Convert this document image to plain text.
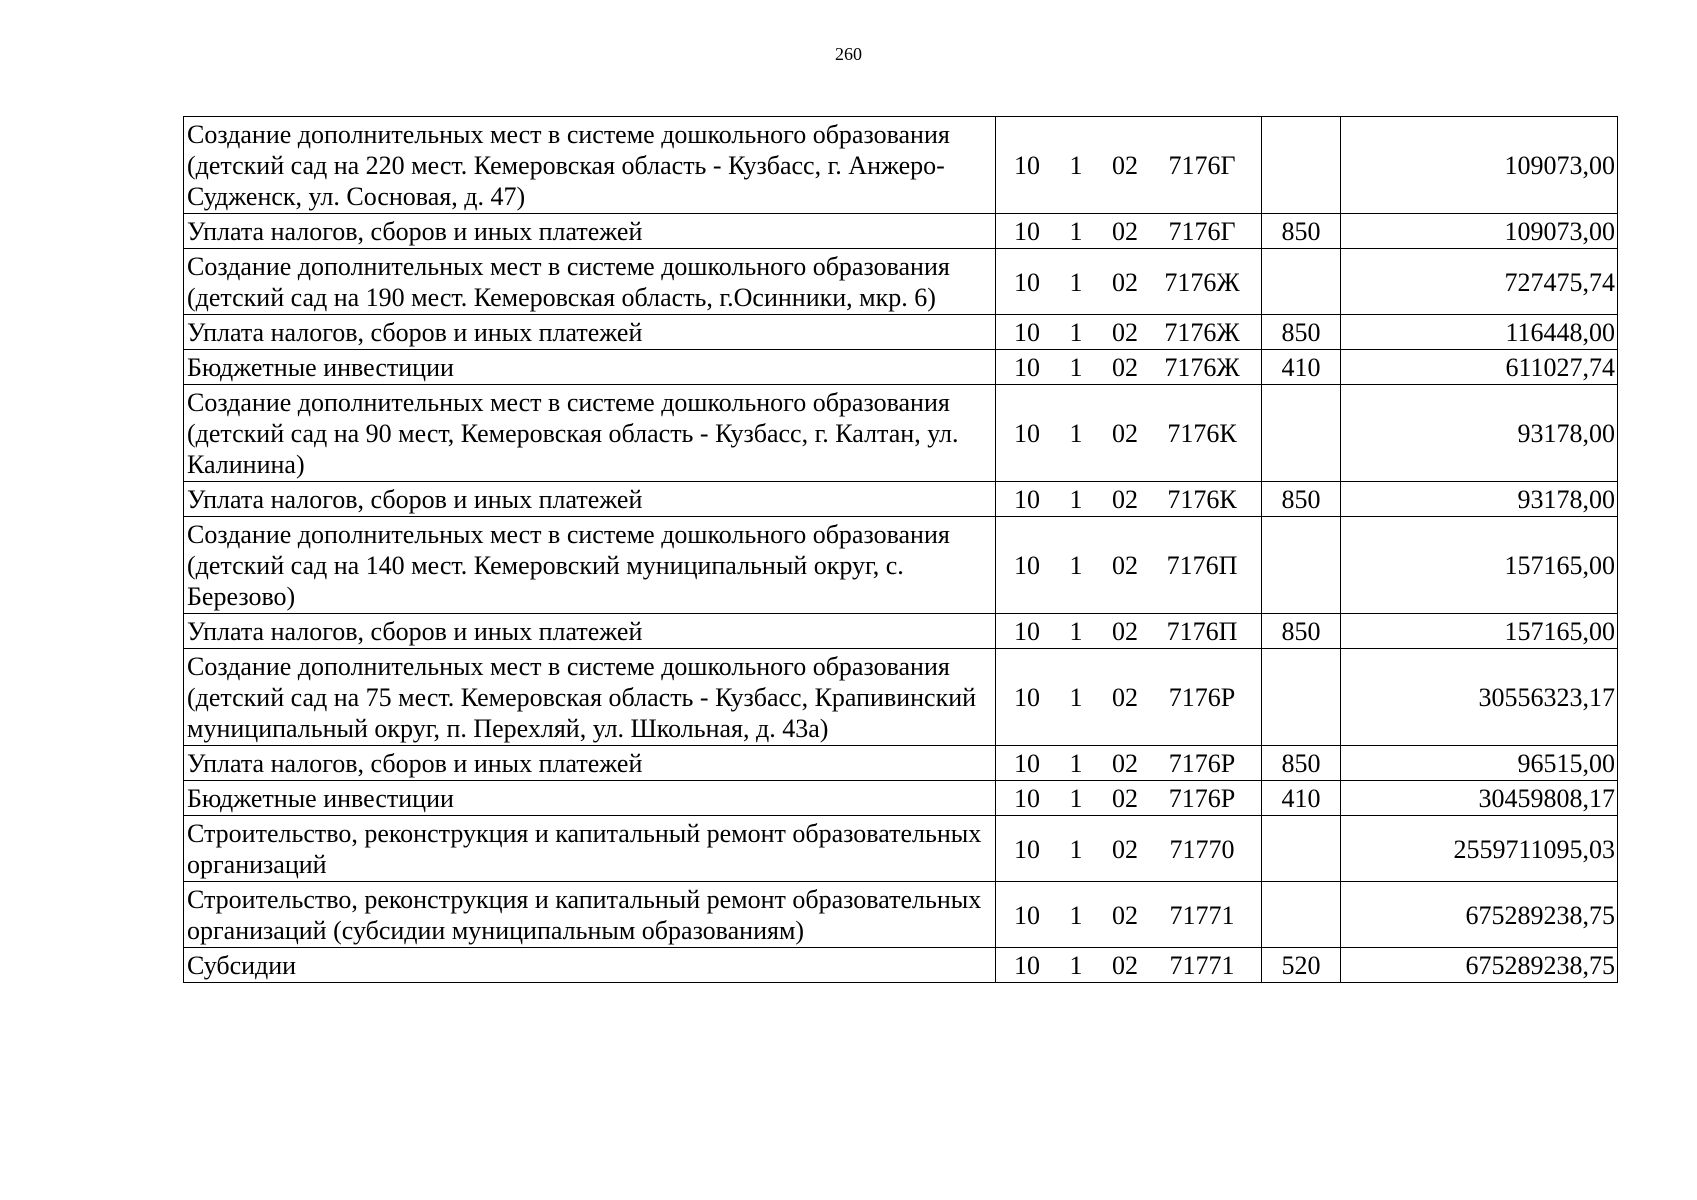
260
Создание дополнительных мест в системе дошкольного образования (детский сад на 220 мест. Кемеровская область - Кузбасс, г. Анжеро-Судженск, ул. Сосновая, д. 47)	10 1 02 7176Г		109073,00
Уплата налогов, сборов и иных платежей	10 1 02 7176Г	850	109073,00
Создание дополнительных мест в системе дошкольного образования (детский сад на 190 мест. Кемеровская область, г.Осинники, мкр. 6)	10 1 02 7176Ж		727475,74
Уплата налогов, сборов и иных платежей	10 1 02 7176Ж	850	116448,00
Бюджетные инвестиции	10 1 02 7176Ж	410	611027,74
Создание дополнительных мест в системе дошкольного образования (детский сад на 90 мест, Кемеровская область - Кузбасс, г. Калтан, ул. Калинина)	10 1 02 7176К		93178,00
Уплата налогов, сборов и иных платежей	10 1 02 7176К	850	93178,00
Создание дополнительных мест в системе дошкольного образования (детский сад на 140 мест. Кемеровский муниципальный округ, с. Березово)	10 1 02 7176П		157165,00
Уплата налогов, сборов и иных платежей	10 1 02 7176П	850	157165,00
Создание дополнительных мест в системе дошкольного образования (детский сад на 75 мест. Кемеровская область - Кузбасс, Крапивинский муниципальный округ, п. Перехляй, ул. Школьная, д. 43а)	10 1 02 7176Р		30556323,17
Уплата налогов, сборов и иных платежей	10 1 02 7176Р	850	96515,00
Бюджетные инвестиции	10 1 02 7176Р	410	30459808,17
Строительство, реконструкция и капитальный ремонт образовательных организаций	10 1 02 71770		2559711095,03
Строительство, реконструкция и капитальный ремонт образовательных организаций (субсидии муниципальным образованиям)	10 1 02 71771		675289238,75
Субсидии	10 1 02 71771	520	675289238,75
